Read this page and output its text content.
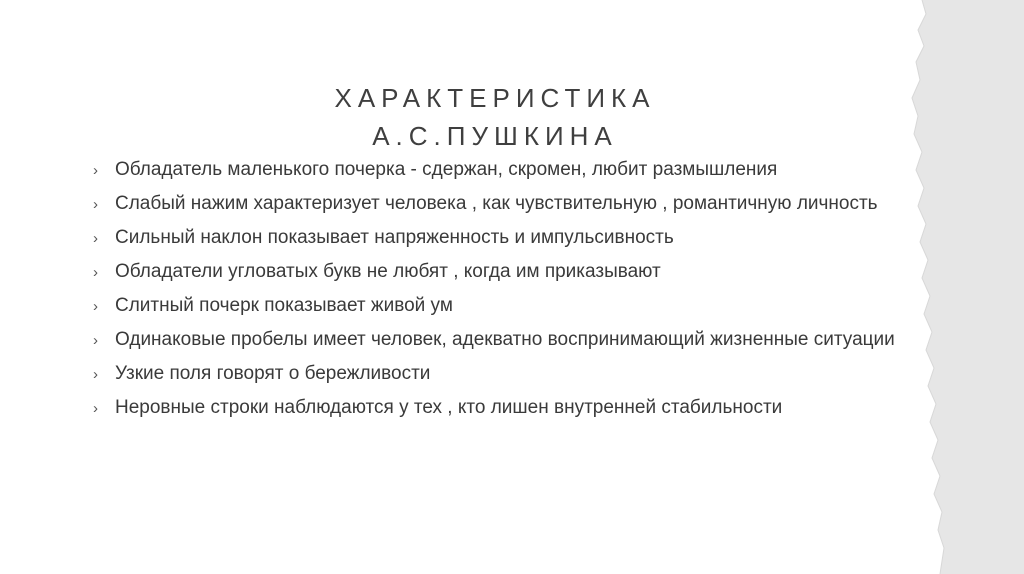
ХАРАКТЕРИСТИКА
А.С.ПУШКИНА
› Обладатель маленького почерка - сдержан, скромен, любит размышления
› Слабый нажим характеризует человека , как чувствительную , романтичную личность
› Сильный наклон показывает напряженность и импульсивность
› Обладатели угловатых букв не любят , когда им приказывают
› Слитный почерк показывает живой ум
› Одинаковые пробелы имеет человек, адекватно воспринимающий жизненные ситуации
› Узкие поля говорят о бережливости
› Неровные строки наблюдаются у тех , кто лишен внутренней стабильности
